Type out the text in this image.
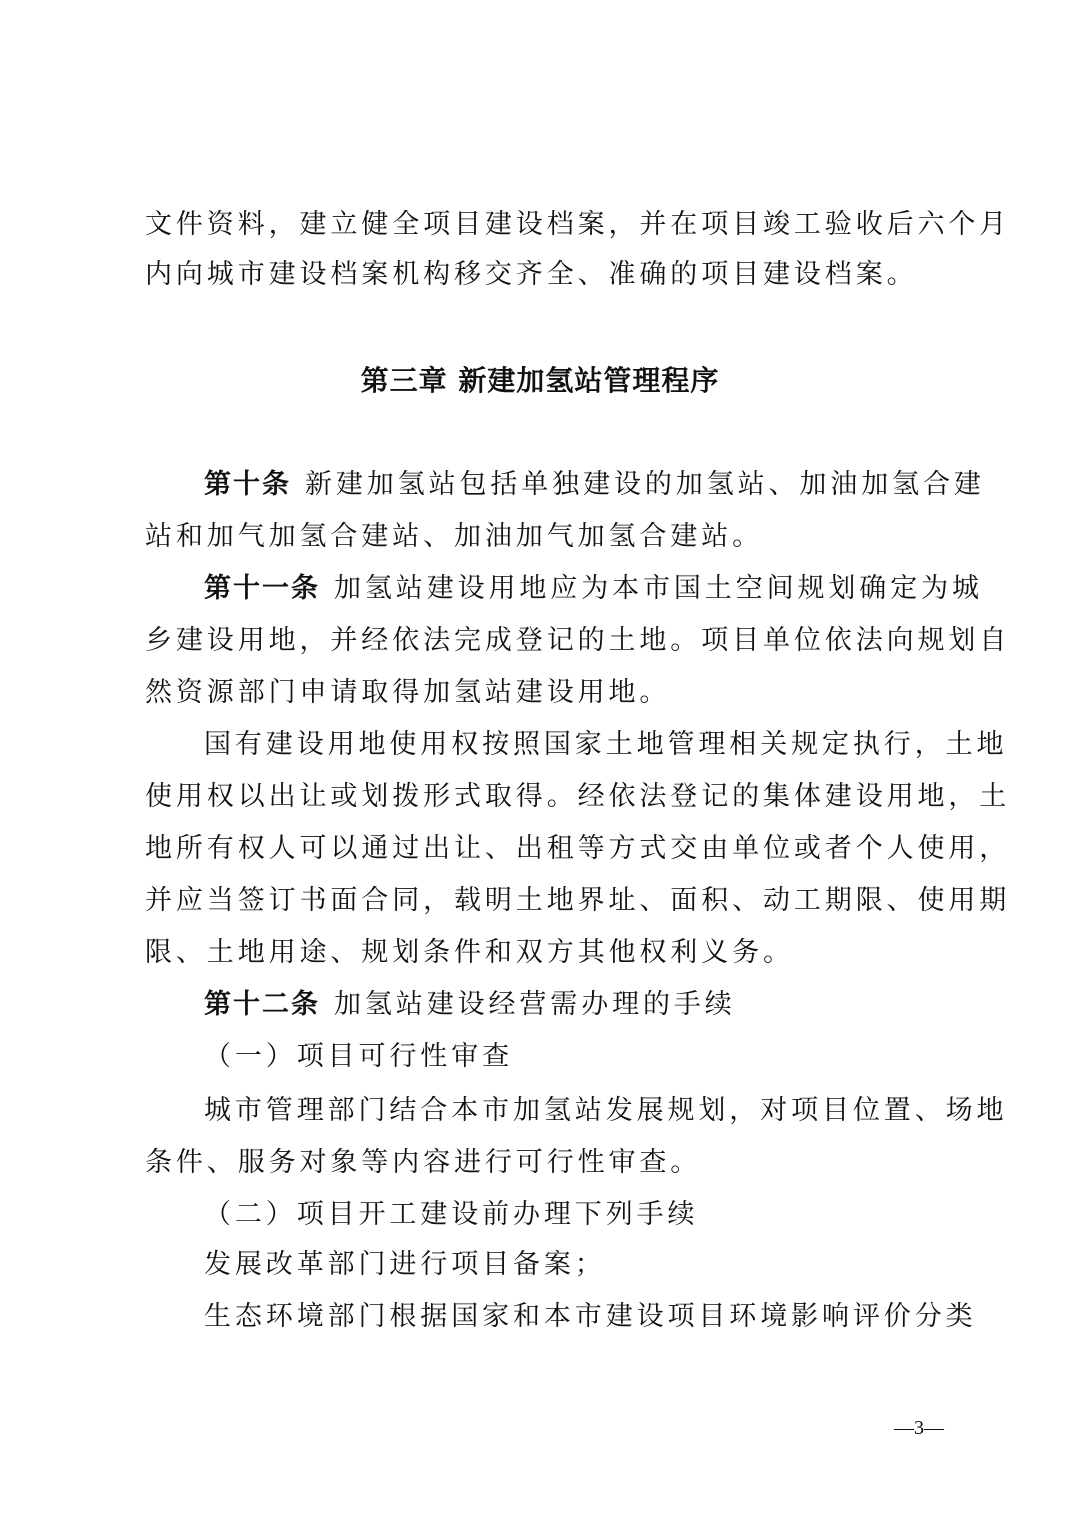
文件资料，建立健全项目建设档案，并在项目竣工验收后六个月
内向城市建设档案机构移交齐全、准确的项目建设档案。
第三章 新建加氢站管理程序
第十条 新建加氢站包括单独建设的加氢站、加油加氢合建
站和加气加氢合建站、加油加气加氢合建站。
第十一条 加氢站建设用地应为本市国土空间规划确定为城
乡建设用地，并经依法完成登记的土地。项目单位依法向规划自
然资源部门申请取得加氢站建设用地。
国有建设用地使用权按照国家土地管理相关规定执行，土地
使用权以出让或划拨形式取得。经依法登记的集体建设用地，土
地所有权人可以通过出让、出租等方式交由单位或者个人使用，
并应当签订书面合同，载明土地界址、面积、动工期限、使用期
限、土地用途、规划条件和双方其他权利义务。
第十二条 加氢站建设经营需办理的手续
（一）项目可行性审查
城市管理部门结合本市加氢站发展规划，对项目位置、场地
条件、服务对象等内容进行可行性审查。
（二）项目开工建设前办理下列手续
发展改革部门进行项目备案；
生态环境部门根据国家和本市建设项目环境影响评价分类
—3—
